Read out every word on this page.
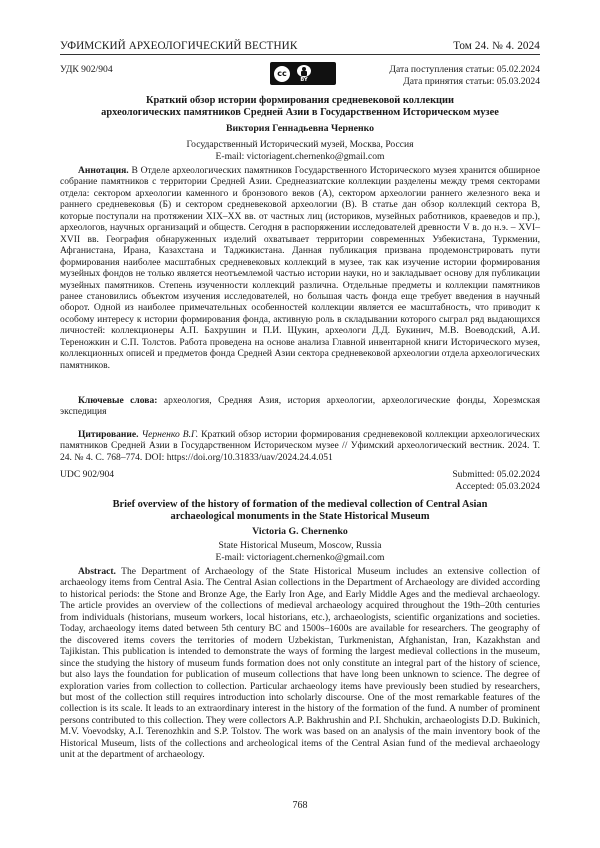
УФИМСКИЙ АРХЕОЛОГИЧЕСКИЙ ВЕСТНИК	Том 24. № 4. 2024
УДК 902/904	cc
BY
Дата поступления статьи: 05.02.2024
Дата принятия статьи: 05.03.2024
Краткий обзор истории формирования средневековой коллекции
археологических памятников Средней Азии в Государственном Историческом музее
Виктория Геннадьевна Черненко
Государственный Исторический музей, Москва, Россия
E-mail: victoriagent.chernenko@gmail.com

Аннотация. В Отделе археологических памятников Государственного Исторического музея хранится обширное собрание памятников с территории Средней Азии. Среднеазиатские коллекции разделены между тремя секторами отдела: сектором археологии каменного и бронзового веков (А), сектором археологии раннего железного века и раннего средневековья (Б) и сектором средневековой археологии (В). В статье дан обзор коллекций сектора В, которые поступали на протяжении XIX–XX вв. от частных лиц (историков, музейных работников, краеведов и пр.), археологов, научных организаций и обществ. Сегодня в распоряжении исследователей древности V в. до н.э. – XVI–XVII вв. География обнаруженных изделий охватывает территории современных Узбекистана, Туркмении, Афганистана, Ирана, Казахстана и Таджикистана. Данная публикация призвана продемонстрировать пути формирования наиболее масштабных средневековых коллекций в музее, так как изучение истории формирования музейных фондов не только является неотъемлемой частью истории науки, но и закладывает основу для публикации музейных памятников. Степень изученности коллекций различна. Отдельные предметы и коллекции памятников ранее становились объектом изучения исследователей, но большая часть фонда еще требует введения в научный оборот. Одной из наиболее примечательных особенностей коллекции является ее масштабность, что приводит к особому интересу к истории формирования фонда, активную роль в складывании которого сыграл ряд выдающихся личностей: коллекционеры А.П. Бахрушин и П.И. Щукин, археологи Д.Д. Букинич, М.В. Воеводский, А.И. Тереножкин и С.П. Толстов. Работа проведена на основе анализа Главной инвентарной книги Исторического музея, коллекционных описей и предметов фонда Средней Азии сектора средневековой археологии отдела археологических памятников.

Ключевые слова: археология, Средняя Азия, история археологии, археологические фонды, Хорезмская экспедиция

Цитирование. Черненко В.Г. Краткий обзор истории формирования средневековой коллекции археологических памятников Средней Азии в Государственном Историческом музее // Уфимский археологический вестник. 2024. Т. 24. № 4. С. 768–774. DOI: https://doi.org/10.31833/uav/2024.24.4.051

UDC 902/904	Submitted: 05.02.2024
Accepted: 05.03.2024
Brief overview of the history of formation of the medieval collection of Central Asian
archaeological monuments in the State Historical Museum
Victoria G. Chernenko
State Historical Museum, Moscow, Russia
E-mail: victoriagent.chernenko@gmail.com

Abstract. The Department of Archaeology of the State Historical Museum includes an extensive collection of archaeology items from Central Asia. The Central Asian collections in the Department of Archaeology are divided according to historical periods: the Stone and Bronze Age, the Early Iron Age, and Early Middle Ages and the medieval archaeology. The article provides an overview of the collections of medieval archaeology acquired throughout the 19th–20th centuries from individuals (historians, museum workers, local historians, etc.), archaeologists, scientific organizations and societies. Today, archaeology items dated between 5th century BC and 1500s–1600s are available for researchers. The geography of the discovered items covers the territories of modern Uzbekistan, Turkmenistan, Afghanistan, Iran, Kazakhstan and Tajikistan. This publication is intended to demonstrate the ways of forming the largest medieval collections in the museum, since the studying the history of museum funds formation does not only constitute an integral part of the history of science, but also lays the foundation for publication of museum collections that have long been unknown to science. The degree of exploration varies from collection to collection. Particular archaeology items have previously been studied by researchers, but most of the collection still requires introduction into scholarly discourse. One of the most remarkable features of the collection is its scale. It leads to an extraordinary interest in the history of the formation of the fund. A number of prominent persons contributed to this collection. They were collectors A.P. Bakhrushin and P.I. Shchukin, archaeologists D.D. Bukinich, M.V. Voevodsky, A.I. Terenozhkin and S.P. Tolstov. The work was based on an analysis of the main inventory book of the Historical Museum, lists of the collections and archeological items of the Central Asian fund of the medieval archaeology unit at the department of archaeology.

768
